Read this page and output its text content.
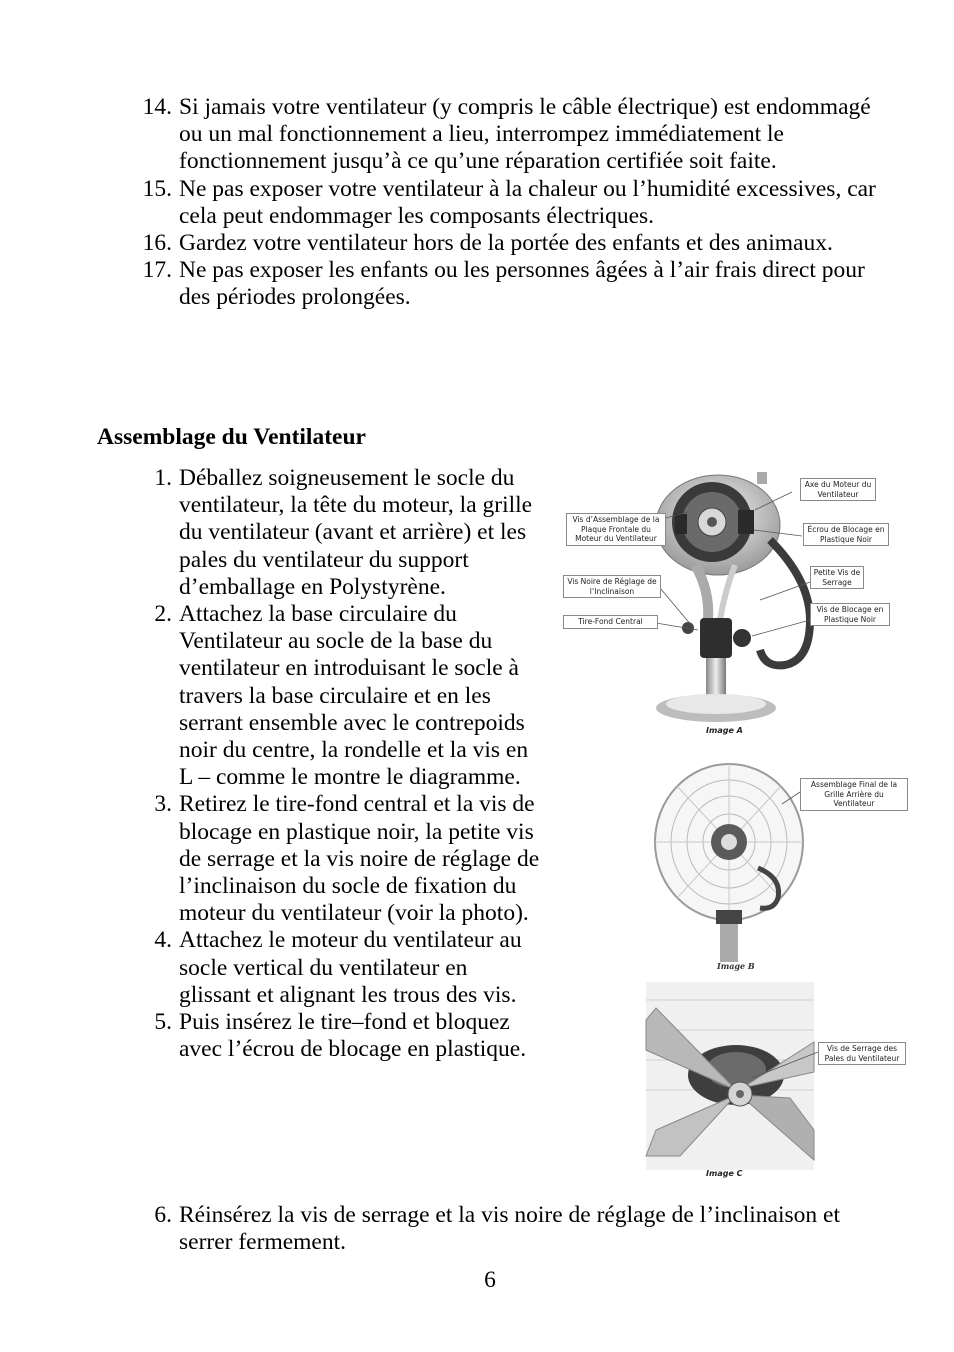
14. Si jamais votre ventilateur (y compris le câble électrique) est endommagé ou un mal fonctionnement a lieu, interrompez immédiatement le fonctionnement jusqu’à ce qu’une réparation certifiée soit faite.
15. Ne pas exposer votre ventilateur à la chaleur ou l’humidité excessives, car cela peut endommager les composants électriques.
16. Gardez votre ventilateur hors de la portée des enfants et des animaux.
17. Ne pas exposer les enfants ou les personnes âgées à l’air frais direct pour des périodes prolongées.
Assemblage du Ventilateur
1. Déballez soigneusement le socle du ventilateur, la tête du moteur, la grille du ventilateur (avant et arrière) et les pales du ventilateur du support d’emballage en Polystyrène.
2. Attachez la base circulaire du Ventilateur au socle de la base du ventilateur en introduisant le socle à travers la base circulaire et en les serrant ensemble avec le contrepoids noir du centre, la rondelle et la vis en L – comme le montre le diagramme.
3. Retirez le tire-fond central et la vis de blocage en plastique noir, la petite vis de serrage et la vis noire de réglage de l’inclinaison du socle de fixation du moteur du ventilateur (voir la photo).
4. Attachez le moteur du ventilateur au socle vertical du ventilateur en glissant et alignant les trous des vis.
5. Puis insérez le tire–fond et bloquez avec l’écrou de blocage en plastique.
6. Réinsérez la vis de serrage et la vis noire de réglage de l’inclinaison et serrer fermement.
Axe du Moteur du Ventilateur
Vis d’Assemblage de la Plaque Frontale du Moteur du Ventilateur
Écrou de Blocage en Plastique Noir
Petite Vis de Serrage
Vis Noire de Réglage de l’Inclinaison
Vis de Blocage en Plastique Noir
Tire-Fond Central
Image A
Assemblage Final de la Grille Arrière du Ventilateur
Image B
Vis de Serrage des Pales du Ventilateur
Image C
6
